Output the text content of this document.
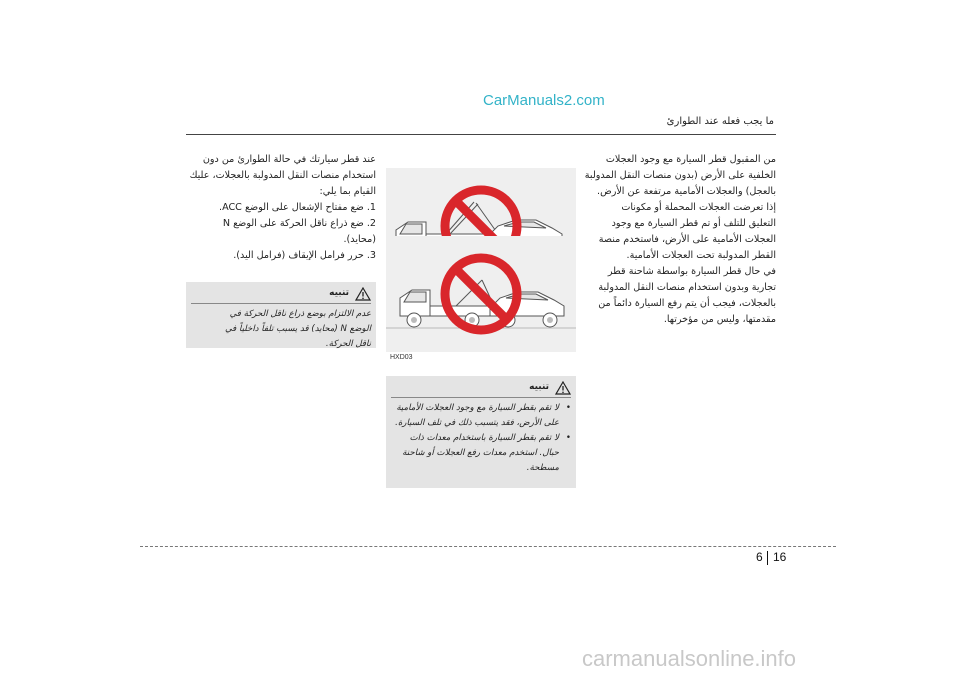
CarManuals2.com
ما يجب فعله عند الطوارئ
من المقبول قطر السيارة مع وجود العجلات
الخلفية على الأرض (بدون منصات النقل المدولبة
بالعجل) والعجلات الأمامية مرتفعة عن الأرض.
إذا تعرضت العجلات المحملة أو مكونات
التعليق للتلف أو تم قطر السيارة مع وجود
العجلات الأمامية على الأرض، فاستخدم منصة
القطر المدولبة تحت العجلات الأمامية.
في حال قطر السيارة بواسطة شاحنة قطر
تجارية وبدون استخدام منصات النقل المدولبة
بالعجلات، فيجب أن يتم رفع السيارة دائماً من
مقدمتها، وليس من مؤخرتها.
HXD03
عند قطر سيارتك في حالة الطوارئ من دون
استخدام منصات النقل المدولبة بالعجلات، عليك
القيام بما يلي:
1. ضع مفتاح الإشعال على الوضع ACC.
2. ضع ذراع ناقل الحركة على الوضع N
(محايد).
3. حرر فرامل الإيقاف (فرامل اليد).
تنبيه
عدم الالتزام بوضع ذراع ناقل الحركة في
الوضع N (محايد) قد يسبب تلفاً داخلياً في
ناقل الحركة.
تنبيه
•
لا تقم بقطر السيارة مع وجود العجلات الأمامية
على الأرض، فقد يتسبب ذلك في تلف السيارة.
•
لا تقم بقطر السيارة باستخدام معدات ذات
حبال. استخدم معدات رفع العجلات أو شاحنة
مسطحة.
6 16
carmanualsonline.info
